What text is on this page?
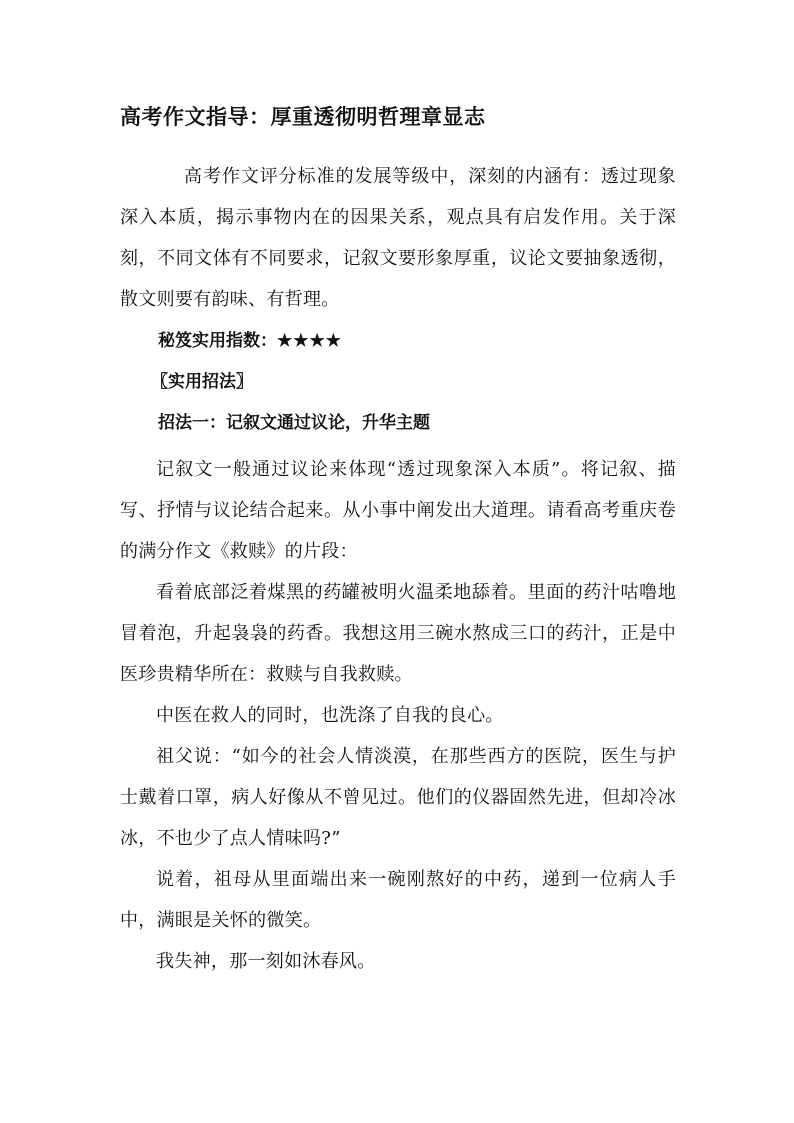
高考作文指导：厚重透彻明哲理章显志

高考作文评分标准的发展等级中，深刻的内涵有：透过现象深入本质，揭示事物内在的因果关系，观点具有启发作用。关于深刻，不同文体有不同要求，记叙文要形象厚重，议论文要抽象透彻，散文则要有韵味、有哲理。

秘笈实用指数：★★★★
〖实用招法〗
招法一：记叙文通过议论，升华主题

记叙文一般通过议论来体现“透过现象深入本质”。将记叙、描写、抒情与议论结合起来。从小事中阐发出大道理。请看高考重庆卷的满分作文《救赎》的片段：

看着底部泛着煤黑的药罐被明火温柔地舔着。里面的药汁咕噜地冒着泡，升起袅袅的药香。我想这用三碗水熬成三口的药汁，正是中医珍贵精华所在：救赎与自我救赎。

中医在救人的同时，也洗涤了自我的良心。

祖父说：“如今的社会人情淡漠，在那些西方的医院，医生与护士戴着口罩，病人好像从不曾见过。他们的仪器固然先进，但却冷冰冰，不也少了点人情味吗?”

说着，祖母从里面端出来一碗刚熬好的中药，递到一位病人手中，满眼是关怀的微笑。

我失神，那一刻如沐春风。
